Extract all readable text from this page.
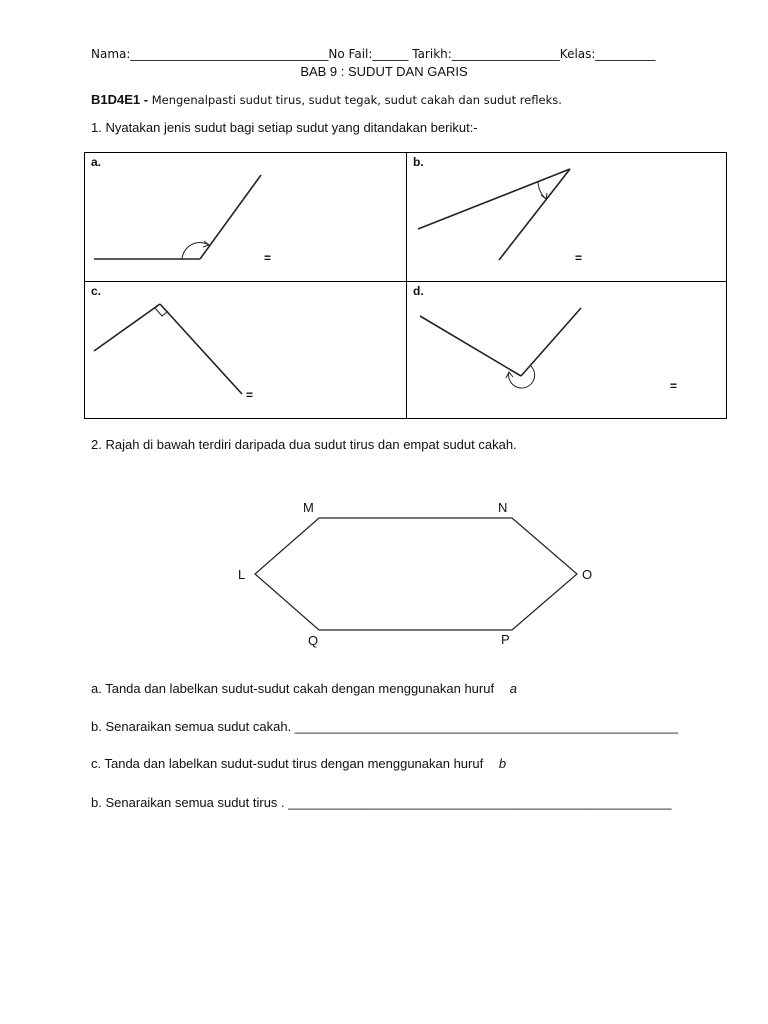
Nama:_________________________________No Fail:______ Tarikh:__________________Kelas:__________
BAB 9 : SUDUT DAN GARIS
B1D4E1 - Mengenalpasti sudut tirus, sudut tegak, sudut cakah dan sudut refleks.
1. Nyatakan jenis sudut bagi setiap sudut yang ditandakan berikut:-
a.
=
b.
=
c.
=
d.
=
2. Rajah di bawah terdiri daripada dua sudut tirus dan empat sudut cakah.
M	N
O
P
Q
L
a. Tanda dan labelkan sudut-sudut cakah dengan menggunakan huruf a
b. Senaraikan semua sudut cakah. _____________________________________________________
c. Tanda dan labelkan sudut-sudut tirus dengan menggunakan huruf b
b. Senaraikan semua sudut tirus . _____________________________________________________
